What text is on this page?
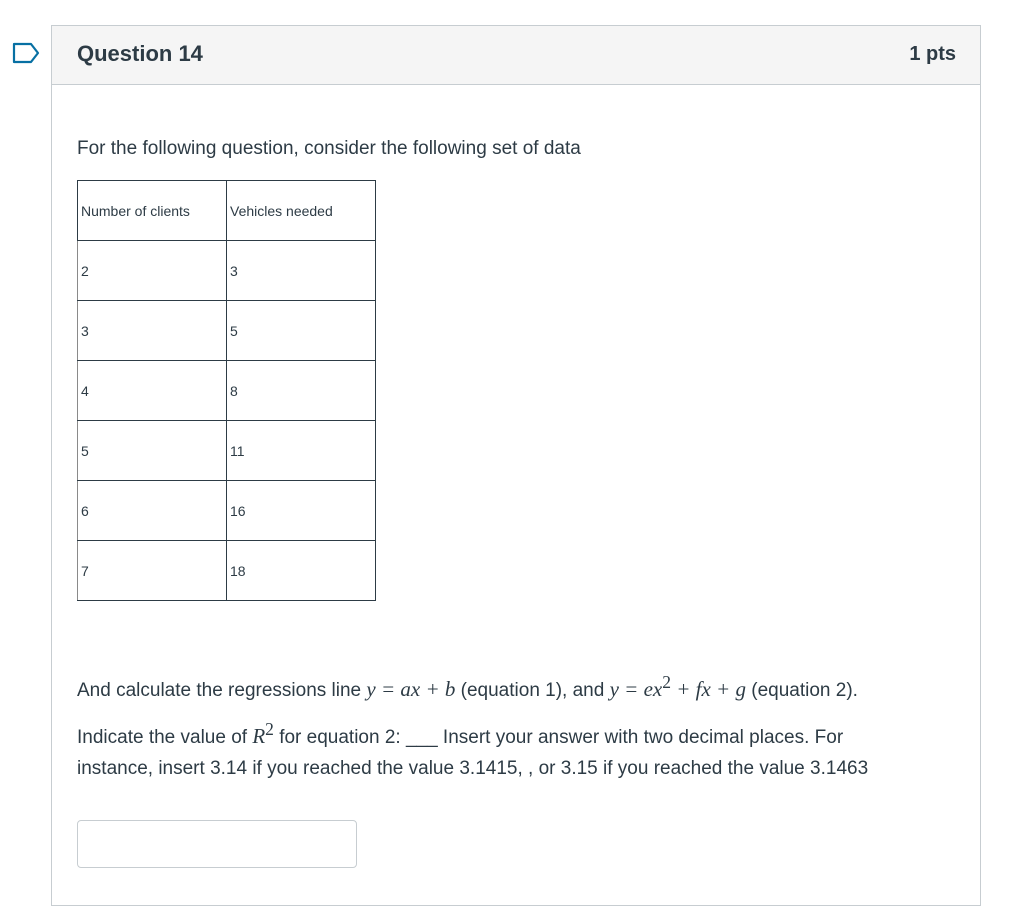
Question 14	1 pts

For the following question, consider the following set of data

Number of clients	Vehicles needed
2	3
3	5
4	8
5	11
6	16
7	18

And calculate the regressions line y = ax + b (equation 1), and $y = ex^2$ + fx + g (equation 2).

Indicate the value of $R^2$ for equation 2: ___ Insert your answer with two decimal places. For instance, insert 3.14 if you reached the value 3.1415, , or 3.15 if you reached the value 3.1463
